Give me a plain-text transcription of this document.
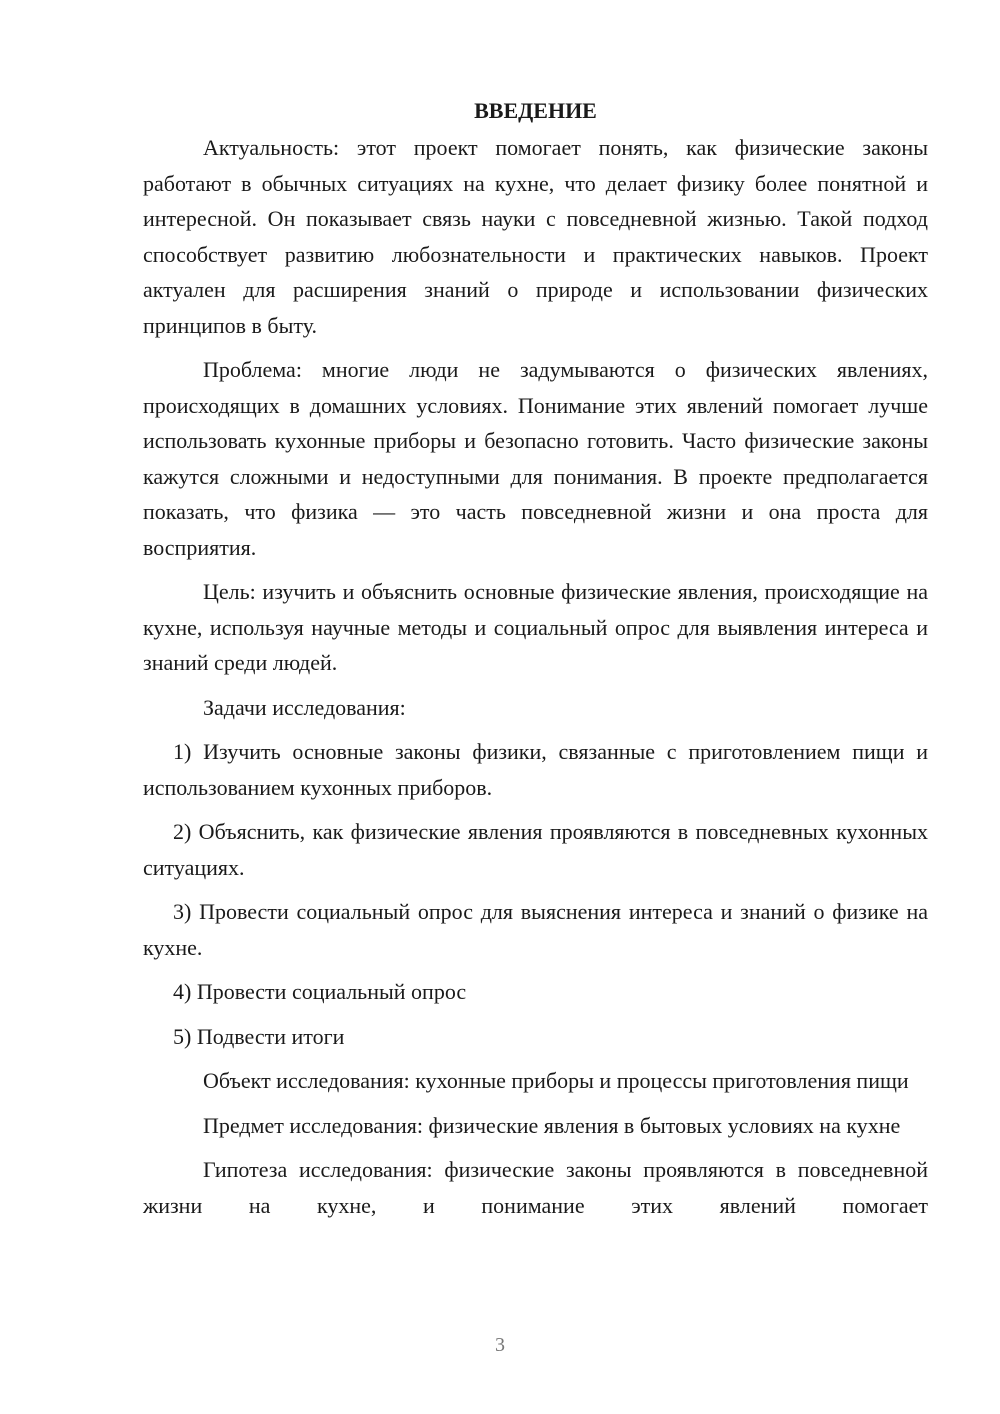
ВВЕДЕНИЕ

Актуальность: этот проект помогает понять, как физические законы работают в обычных ситуациях на кухне, что делает физику более понятной и интересной. Он показывает связь науки с повседневной жизнью. Такой подход способствует развитию любознательности и практических навыков. Проект актуален для расширения знаний о природе и использовании физических принципов в быту.

Проблема: многие люди не задумываются о физических явлениях, происходящих в домашних условиях. Понимание этих явлений помогает лучше использовать кухонные приборы и безопасно готовить. Часто физические законы кажутся сложными и недоступными для понимания. В проекте предполагается показать, что физика — это часть повседневной жизни и она проста для восприятия.

Цель: изучить и объяснить основные физические явления, происходящие на кухне, используя научные методы и социальный опрос для выявления интереса и знаний среди людей.

Задачи исследования:

1) Изучить основные законы физики, связанные с приготовлением пищи и использованием кухонных приборов.

2) Объяснить, как физические явления проявляются в повседневных кухонных ситуациях.

3) Провести социальный опрос для выяснения интереса и знаний о физике на кухне.

4) Провести социальный опрос

5) Подвести итоги

Объект исследования: кухонные приборы и процессы приготовления пищи

Предмет исследования: физические явления в бытовых условиях на кухне

Гипотеза исследования: физические законы проявляются в повседневной жизни на кухне, и понимание этих явлений помогает

3
